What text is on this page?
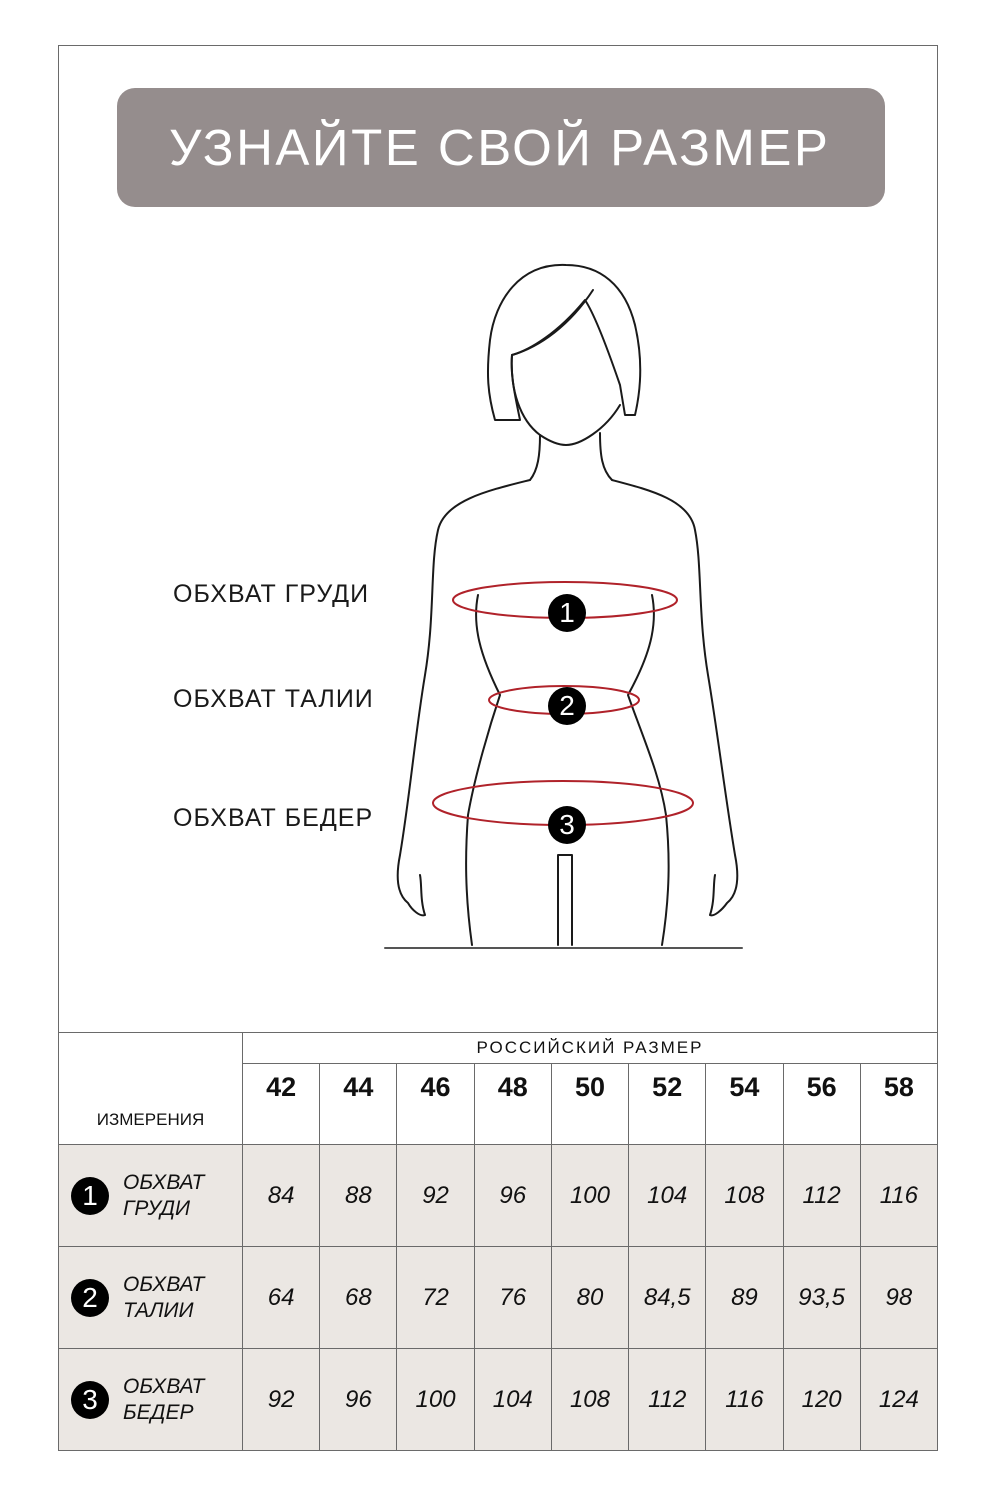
УЗНАЙТЕ СВОЙ РАЗМЕР
1
2
3
ОБХВАТ ГРУДИ
ОБХВАТ ТАЛИИ
ОБХВАТ БЕДЕР
ИЗМЕРЕНИЯ	РОССИЙСКИЙ РАЗМЕР								
	42	44	46	48	50	52	54	56	58

1 ОБХВАТ
ГРУДИ	84	88	92	96	100	104	108	112	116

2 ОБХВАТ
ТАЛИИ	64	68	72	76	80	84,5	89	93,5	98

3 ОБХВАТ
БЕДЕР	92	96	100	104	108	112	116	120	124
